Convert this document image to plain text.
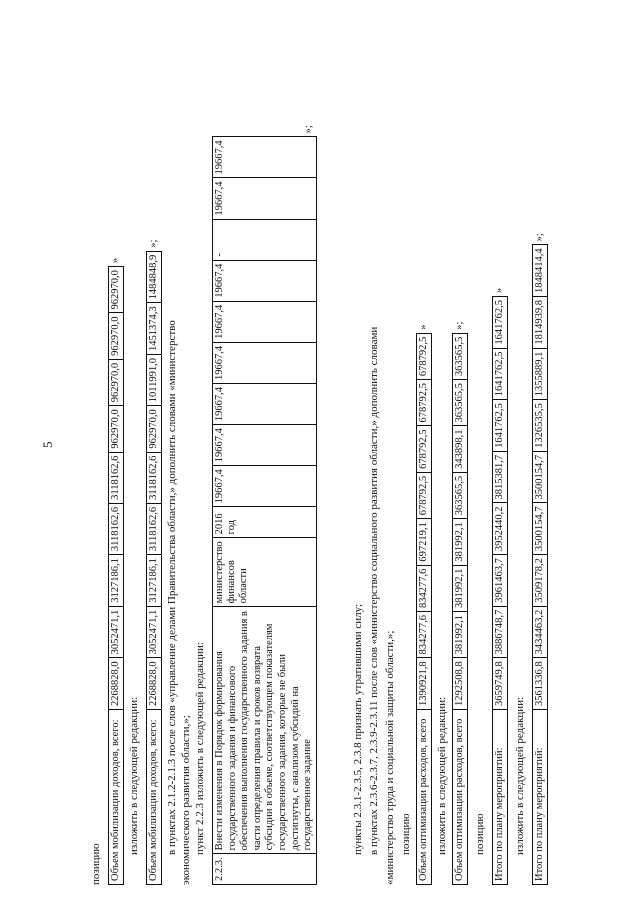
5
позицию Объем мобилизации доходов, всего:	2268828,0	3052471,1	3127186,1	3118162,6	3118162,6	962970,0	962970,0	962970,0	962970,0	»
изложить в следующей редакции: Объем мобилизации доходов, всего:	2268828,0	3052471,1	3127186,1	3118162,6	3118162,6	962970,0	1011991,0	1451374,3	1484848,9	»;
в пунктах 2.1.2-2.1.3 после слов «управление делами Правительства области,» дополнить словами «министерство экономического развития области,»; пункт 2.2.3 изложить в следующей редакции:
2.2.3.	Внести изменения в Порядок формирования государственного задания и финансового обеспечения выполнения государственного задания в части определения правила и сроков возврата субсидии в объеме, соответствующем показателям государственного задания, которые не были достигнуты, с анализом субсидий на государственное задание	министерство финансов области	2016 год	19667,4	19667,4	19667,4	19667,4	19667,4	19667,4	-	19667,4	19667,4	»;
пункты 2.3.1-2.3.5, 2.3.8 признать утратившими силу; в пунктах 2.3.6-2.3.7, 2.3.9-2.3.11 после слов «министерство социального развития области,» дополнить словами «министерство труда и социальной защиты области,»; позицию Объем оптимизации расходов, всего	1390921,8	834277,6	834277,6	697219,1	678792,5	678792,5	678792,5	678792,5	»
изложить в следующей редакции: Объем оптимизации расходов, всего	1292508,8	381992,1	381992,1	381992,1	363565,5	343898,1	363565,5	363565,5	»;
позицию Итого по плану мероприятий:	3659749,8	3886748,7	3961463,7	3952440,2	3815381,7	1641762,5	1641762,5	1641762,5	»
изложить в следующей редакции: Итого по плану мероприятий:	3561336,8	3434463,2	3509178,2	3500154,7	3500154,7	1326535,5	1355889,1	1814939,8	1848414,4	»;
